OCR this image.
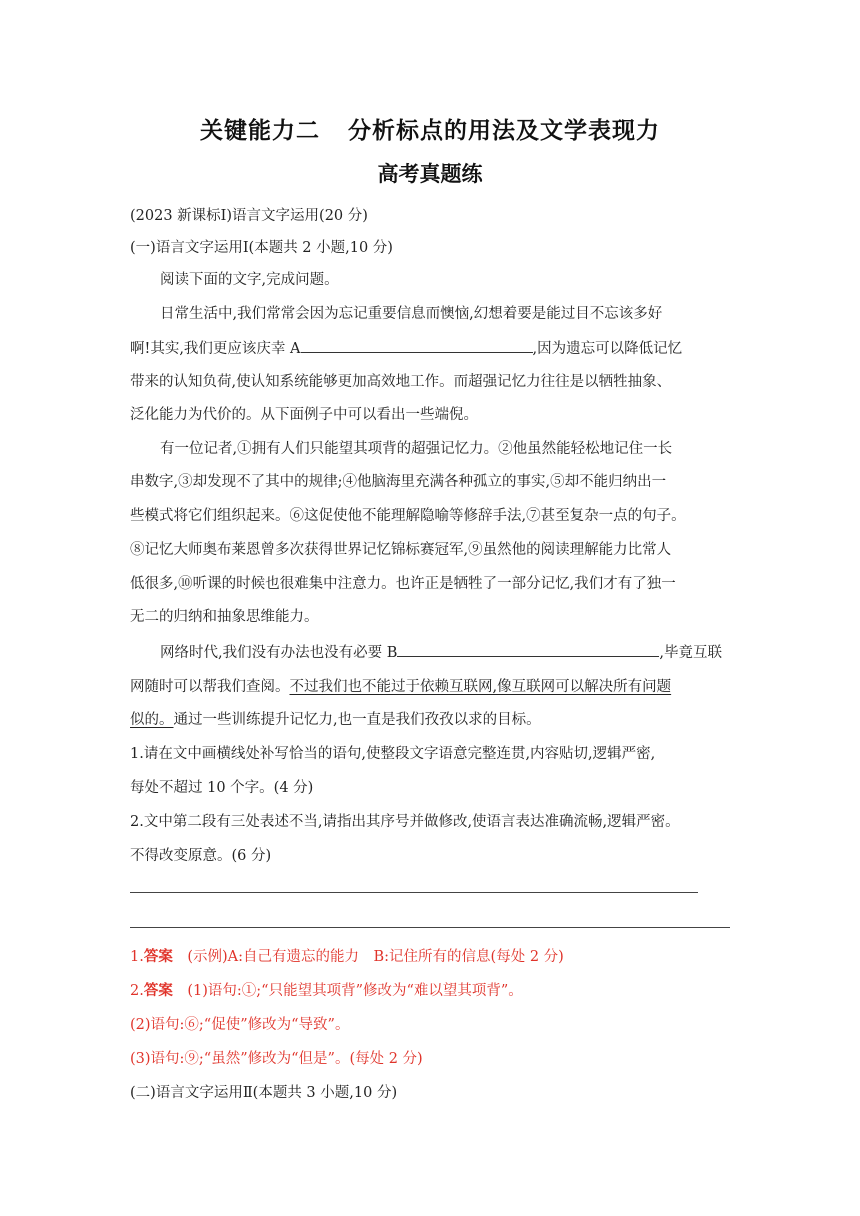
关键能力二 分析标点的用法及文学表现力
高考真题练
(2023 新课标Ⅰ)语言文字运用(20 分)
(一)语言文字运用Ⅰ(本题共 2 小题,10 分)
阅读下面的文字,完成问题。
日常生活中,我们常常会因为忘记重要信息而懊恼,幻想着要是能过目不忘该多好
啊!其实,我们更应该庆幸 A	,因为遗忘可以降低记忆
带来的认知负荷,使认知系统能够更加高效地工作。而超强记忆力往往是以牺牲抽象、
泛化能力为代价的。从下面例子中可以看出一些端倪。
有一位记者,①拥有人们只能望其项背的超强记忆力。②他虽然能轻松地记住一长
串数字,③却发现不了其中的规律;④他脑海里充满各种孤立的事实,⑤却不能归纳出一
些模式将它们组织起来。⑥这促使他不能理解隐喻等修辞手法,⑦甚至复杂一点的句子。
⑧记忆大师奥布莱恩曾多次获得世界记忆锦标赛冠军,⑨虽然他的阅读理解能力比常人
低很多,⑩听课的时候也很难集中注意力。也许正是牺牲了一部分记忆,我们才有了独一
无二的归纳和抽象思维能力。
网络时代,我们没有办法也没有必要 B	,毕竟互联
网随时可以帮我们查阅。不过我们也不能过于依赖互联网,像互联网可以解决所有问题
似的。通过一些训练提升记忆力,也一直是我们孜孜以求的目标。
1.请在文中画横线处补写恰当的语句,使整段文字语意完整连贯,内容贴切,逻辑严密,
每处不超过 10 个字。(4 分)
2.文中第二段有三处表述不当,请指出其序号并做修改,使语言表达准确流畅,逻辑严密。
不得改变原意。(6 分)
1.答案　 (示例)A:自己有遗忘的能力　B:记住所有的信息(每处 2 分)
2.答案　 (1)语句:①;“只能望其项背”修改为“难以望其项背”。
(2)语句:⑥;“促使”修改为“导致”。
(3)语句:⑨;“虽然”修改为“但是”。(每处 2 分)
(二)语言文字运用Ⅱ(本题共 3 小题,10 分)
